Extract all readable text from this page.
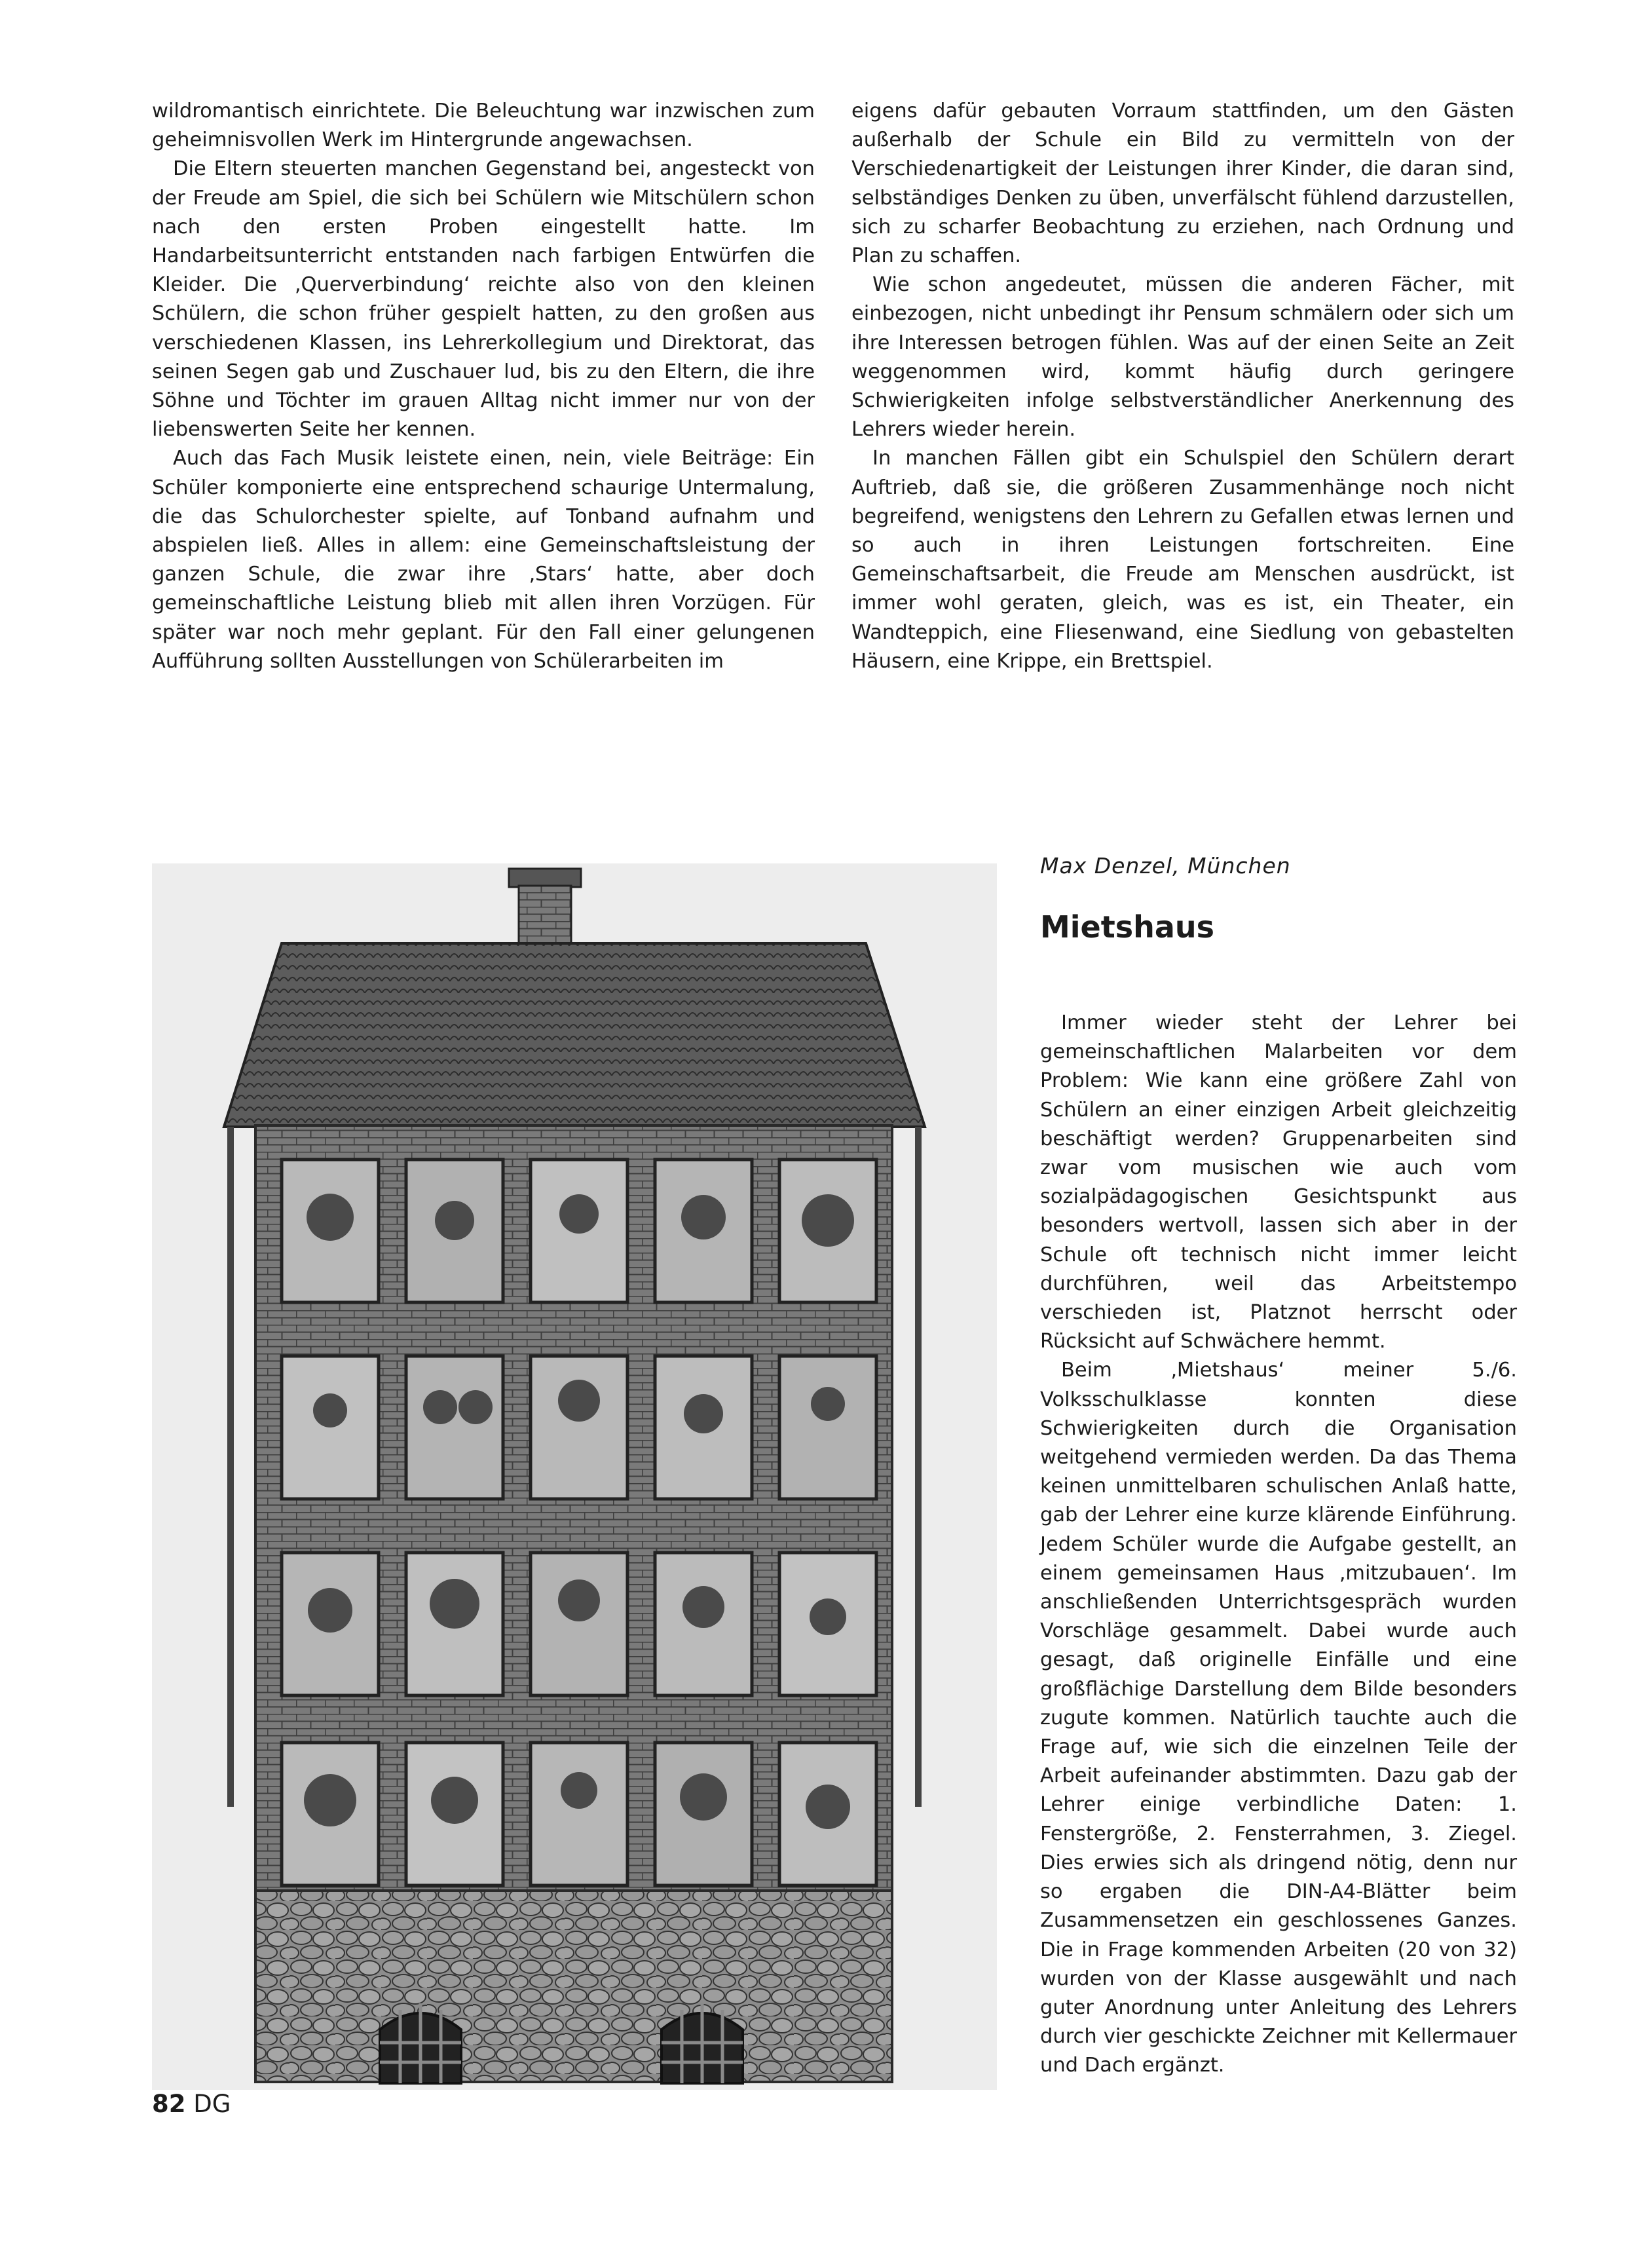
wildromantisch einrichtete. Die Beleuchtung war inzwischen zum geheimnisvollen Werk im Hintergrunde angewachsen.

Die Eltern steuerten manchen Gegenstand bei, angesteckt von der Freude am Spiel, die sich bei Schülern wie Mitschülern schon nach den ersten Proben eingestellt hatte. Im Handarbeitsunterricht entstanden nach farbigen Entwürfen die Kleider. Die ‚Querverbindung‘ reichte also von den kleinen Schülern, die schon früher gespielt hatten, zu den großen aus verschiedenen Klassen, ins Lehrerkollegium und Direktorat, das seinen Segen gab und Zuschauer lud, bis zu den Eltern, die ihre Söhne und Töchter im grauen Alltag nicht immer nur von der liebenswerten Seite her kennen.

Auch das Fach Musik leistete einen, nein, viele Beiträge: Ein Schüler komponierte eine entsprechend schaurige Untermalung, die das Schulorchester spielte, auf Tonband aufnahm und abspielen ließ. Alles in allem: eine Gemeinschaftsleistung der ganzen Schule, die zwar ihre ‚Stars‘ hatte, aber doch gemeinschaftliche Leistung blieb mit allen ihren Vorzügen. Für später war noch mehr geplant. Für den Fall einer gelungenen Aufführung sollten Ausstellungen von Schülerarbeiten im

eigens dafür gebauten Vorraum stattfinden, um den Gästen außerhalb der Schule ein Bild zu vermitteln von der Verschiedenartigkeit der Leistungen ihrer Kinder, die daran sind, selbständiges Denken zu üben, unverfälscht fühlend darzustellen, sich zu scharfer Beobachtung zu erziehen, nach Ordnung und Plan zu schaffen.

Wie schon angedeutet, müssen die anderen Fächer, mit einbezogen, nicht unbedingt ihr Pensum schmälern oder sich um ihre Interessen betrogen fühlen. Was auf der einen Seite an Zeit weggenommen wird, kommt häufig durch geringere Schwierigkeiten infolge selbstverständlicher Anerkennung des Lehrers wieder herein.

In manchen Fällen gibt ein Schulspiel den Schülern derart Auftrieb, daß sie, die größeren Zusammenhänge noch nicht begreifend, wenigstens den Lehrern zu Gefallen etwas lernen und so auch in ihren Leistungen fortschreiten. Eine Gemeinschaftsarbeit, die Freude am Menschen ausdrückt, ist immer wohl geraten, gleich, was es ist, ein Theater, ein Wandteppich, eine Fliesenwand, eine Siedlung von gebastelten Häusern, eine Krippe, ein Brettspiel.

Max Denzel, München
Mietshaus

Immer wieder steht der Lehrer bei gemeinschaftlichen Malarbeiten vor dem Problem: Wie kann eine größere Zahl von Schülern an einer einzigen Arbeit gleichzeitig beschäftigt werden? Gruppenarbeiten sind zwar vom musischen wie auch vom sozialpädagogischen Gesichtspunkt aus besonders wertvoll, lassen sich aber in der Schule oft technisch nicht immer leicht durchführen, weil das Arbeitstempo verschieden ist, Platznot herrscht oder Rücksicht auf Schwächere hemmt.

Beim ‚Mietshaus‘ meiner 5./6. Volksschulklasse konnten diese Schwierigkeiten durch die Organisation weitgehend vermieden werden. Da das Thema keinen unmittelbaren schulischen Anlaß hatte, gab der Lehrer eine kurze klärende Einführung. Jedem Schüler wurde die Aufgabe gestellt, an einem gemeinsamen Haus ‚mitzubauen‘. Im anschließenden Unterrichtsgespräch wurden Vorschläge gesammelt. Dabei wurde auch gesagt, daß originelle Einfälle und eine großflächige Darstellung dem Bilde besonders zugute kommen. Natürlich tauchte auch die Frage auf, wie sich die einzelnen Teile der Arbeit aufeinander abstimmten. Dazu gab der Lehrer einige verbindliche Daten: 1. Fenstergröße, 2. Fensterrahmen, 3. Ziegel. Dies erwies sich als dringend nötig, denn nur so ergaben die DIN-A4-Blätter beim Zusammensetzen ein geschlossenes Ganzes. Die in Frage kommenden Arbeiten (20 von 32) wurden von der Klasse ausgewählt und nach guter Anordnung unter Anleitung des Lehrers durch vier geschickte Zeichner mit Kellermauer und Dach ergänzt.

82 DG
